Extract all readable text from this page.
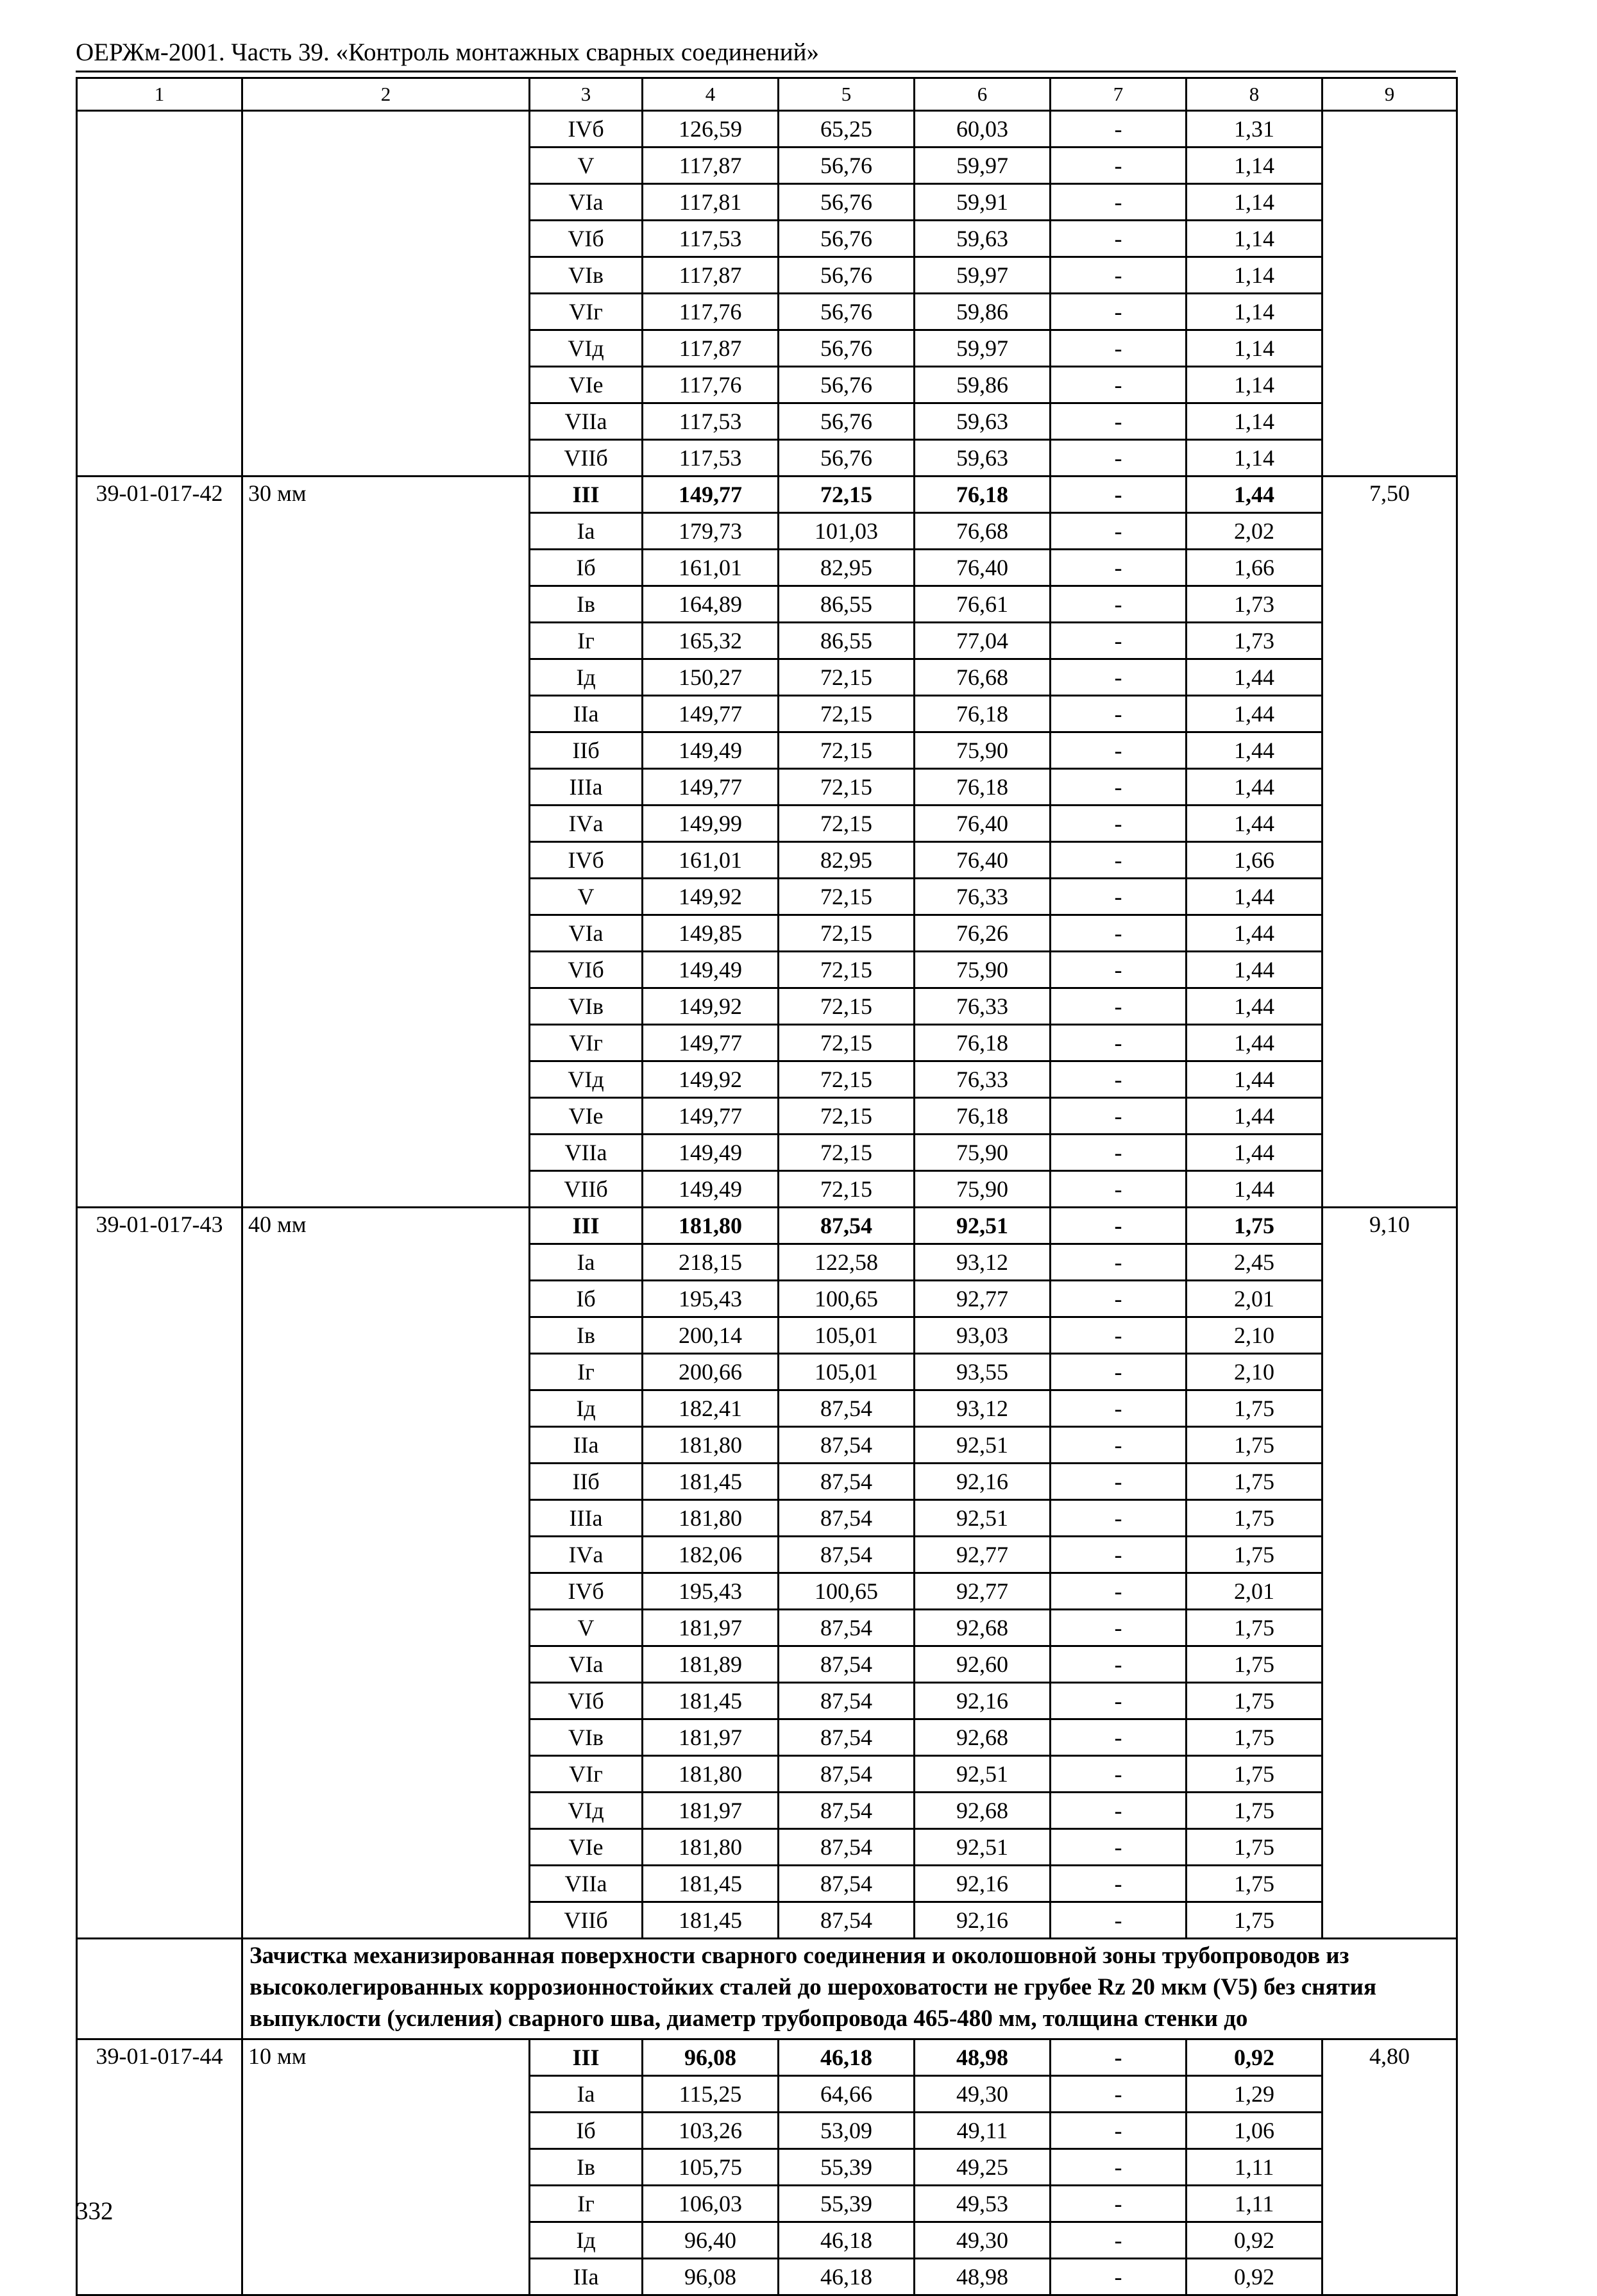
ОЕРЖм-2001. Часть 39. «Контроль монтажных сварных соединений»
1	2	3	4	5	6	7	8	9
		IVб	126,59	65,25	60,03	-	1,31	
		V	117,87	56,76	59,97	-	1,14	
		VIа	117,81	56,76	59,91	-	1,14	
		VIб	117,53	56,76	59,63	-	1,14	
		VIв	117,87	56,76	59,97	-	1,14	
		VIг	117,76	56,76	59,86	-	1,14	
		VIд	117,87	56,76	59,97	-	1,14	
		VIе	117,76	56,76	59,86	-	1,14	
		VIIа	117,53	56,76	59,63	-	1,14	
		VIIб	117,53	56,76	59,63	-	1,14	
39-01-017-42	30 мм	III	149,77	72,15	76,18	-	1,44	7,50
		Iа	179,73	101,03	76,68	-	2,02	
		Iб	161,01	82,95	76,40	-	1,66	
		Iв	164,89	86,55	76,61	-	1,73	
		Iг	165,32	86,55	77,04	-	1,73	
		Iд	150,27	72,15	76,68	-	1,44	
		IIа	149,77	72,15	76,18	-	1,44	
		IIб	149,49	72,15	75,90	-	1,44	
		IIIа	149,77	72,15	76,18	-	1,44	
		IVа	149,99	72,15	76,40	-	1,44	
		IVб	161,01	82,95	76,40	-	1,66	
		V	149,92	72,15	76,33	-	1,44	
		VIа	149,85	72,15	76,26	-	1,44	
		VIб	149,49	72,15	75,90	-	1,44	
		VIв	149,92	72,15	76,33	-	1,44	
		VIг	149,77	72,15	76,18	-	1,44	
		VIд	149,92	72,15	76,33	-	1,44	
		VIе	149,77	72,15	76,18	-	1,44	
		VIIа	149,49	72,15	75,90	-	1,44	
		VIIб	149,49	72,15	75,90	-	1,44	
39-01-017-43	40 мм	III	181,80	87,54	92,51	-	1,75	9,10
		Iа	218,15	122,58	93,12	-	2,45	
		Iб	195,43	100,65	92,77	-	2,01	
		Iв	200,14	105,01	93,03	-	2,10	
		Iг	200,66	105,01	93,55	-	2,10	
		Iд	182,41	87,54	93,12	-	1,75	
		IIа	181,80	87,54	92,51	-	1,75	
		IIб	181,45	87,54	92,16	-	1,75	
		IIIа	181,80	87,54	92,51	-	1,75	
		IVа	182,06	87,54	92,77	-	1,75	
		IVб	195,43	100,65	92,77	-	2,01	
		V	181,97	87,54	92,68	-	1,75	
		VIа	181,89	87,54	92,60	-	1,75	
		VIб	181,45	87,54	92,16	-	1,75	
		VIв	181,97	87,54	92,68	-	1,75	
		VIг	181,80	87,54	92,51	-	1,75	
		VIд	181,97	87,54	92,68	-	1,75	
		VIе	181,80	87,54	92,51	-	1,75	
		VIIа	181,45	87,54	92,16	-	1,75	
		VIIб	181,45	87,54	92,16	-	1,75	
	Зачистка механизированная поверхности сварного соединения и околошовной зоны трубопроводов из высоколегированных коррозионностойких сталей до шероховатости не грубее Rz 20 мкм (V5) без снятия выпуклости (усиления) сварного шва, диаметр трубопровода 465-480 мм, толщина стенки до							
39-01-017-44	10 мм	III	96,08	46,18	48,98	-	0,92	4,80
		Iа	115,25	64,66	49,30	-	1,29	
		Iб	103,26	53,09	49,11	-	1,06	
		Iв	105,75	55,39	49,25	-	1,11	
		Iг	106,03	55,39	49,53	-	1,11	
		Iд	96,40	46,18	49,30	-	0,92	
		IIа	96,08	46,18	48,98	-	0,92	
332
